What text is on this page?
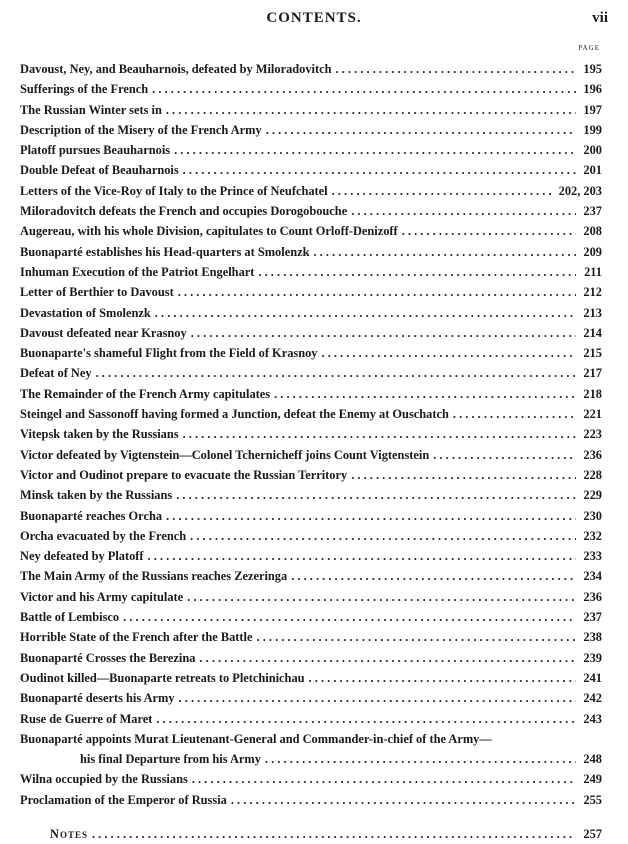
CONTENTS.	vii
PAGE
Davoust, Ney, and Beauharnois, defeated by Miloradovitch . . .	195
Sufferings of the French . . .	196
The Russian Winter sets in . . .	197
Description of the Misery of the French Army . . .	199
Platoff pursues Beauharnois . . .	200
Double Defeat of Beauharnois . . .	201
Letters of the Vice-Roy of Italy to the Prince of Neufchatel . . .	202, 203
Miloradovitch defeats the French and occupies Dorogobouche . . .	237
Augereau, with his whole Division, capitulates to Count Orloff-Denizoff . . .	208
Buonaparté establishes his Head-quarters at Smolenzk . . .	209
Inhuman Execution of the Patriot Engelhart . . .	211
Letter of Berthier to Davoust . . .	212
Devastation of Smolenzk . . .	213
Davoust defeated near Krasnoy . . .	214
Buonaparte's shameful Flight from the Field of Krasnoy . . .	215
Defeat of Ney . . .	217
The Remainder of the French Army capitulates . . .	218
Steingel and Sassonoff having formed a Junction, defeat the Enemy at Ouschatch . . .	221
Vitepsk taken by the Russians . . .	223
Victor defeated by Vigtenstein—Colonel Tchernicheff joins Count Vigtenstein . . .	236
Victor and Oudinot prepare to evacuate the Russian Territory . . .	228
Minsk taken by the Russians . . .	229
Buonaparté reaches Orcha . . .	230
Orcha evacuated by the French . . .	232
Ney defeated by Platoff . . .	233
The Main Army of the Russians reaches Zezeringa . . .	234
Victor and his Army capitulate . . .	236
Battle of Lembisco . . .	237
Horrible State of the French after the Battle . . .	238
Buonaparté Crosses the Berezina . . .	239
Oudinot killed—Buonaparte retreats to Pletchinichau . . .	241
Buonaparté deserts his Army . . .	242
Ruse de Guerre of Maret . . .	243
Buonaparté appoints Murat Lieutenant-General and Commander-in-chief of the Army—
his final Departure from his Army . . .	248
Wilna occupied by the Russians . . .	249
Proclamation of the Emperor of Russia . . .	255
Notes . . .	257
